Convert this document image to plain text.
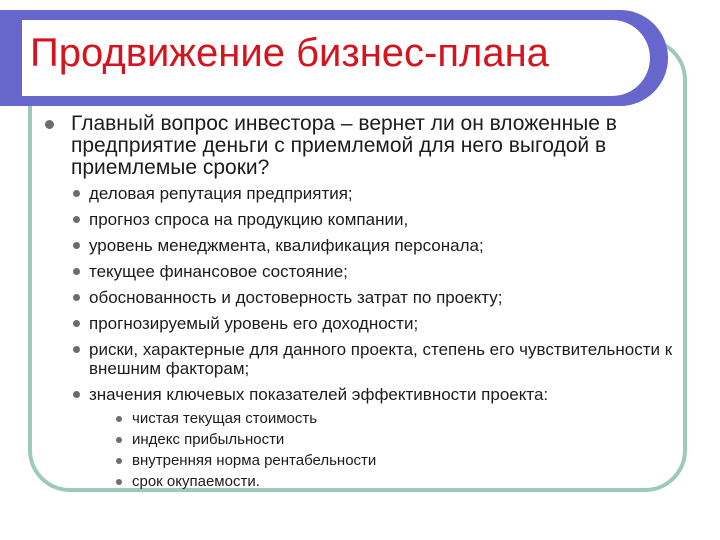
Продвижение бизнес-плана
Главный вопрос инвестора – вернет ли он вложенные в предприятие деньги с приемлемой для него выгодой в приемлемые сроки?
деловая репутация предприятия;
прогноз спроса на продукцию компании,
уровень менеджмента, квалификация персонала;
текущее финансовое состояние;
обоснованность и достоверность затрат по проекту;
прогнозируемый уровень его доходности;
риски, характерные для данного проекта, степень его чувствительности к внешним факторам;
значения ключевых показателей эффективности проекта:
чистая текущая стоимость
индекс прибыльности
внутренняя норма рентабельности
срок окупаемости.
